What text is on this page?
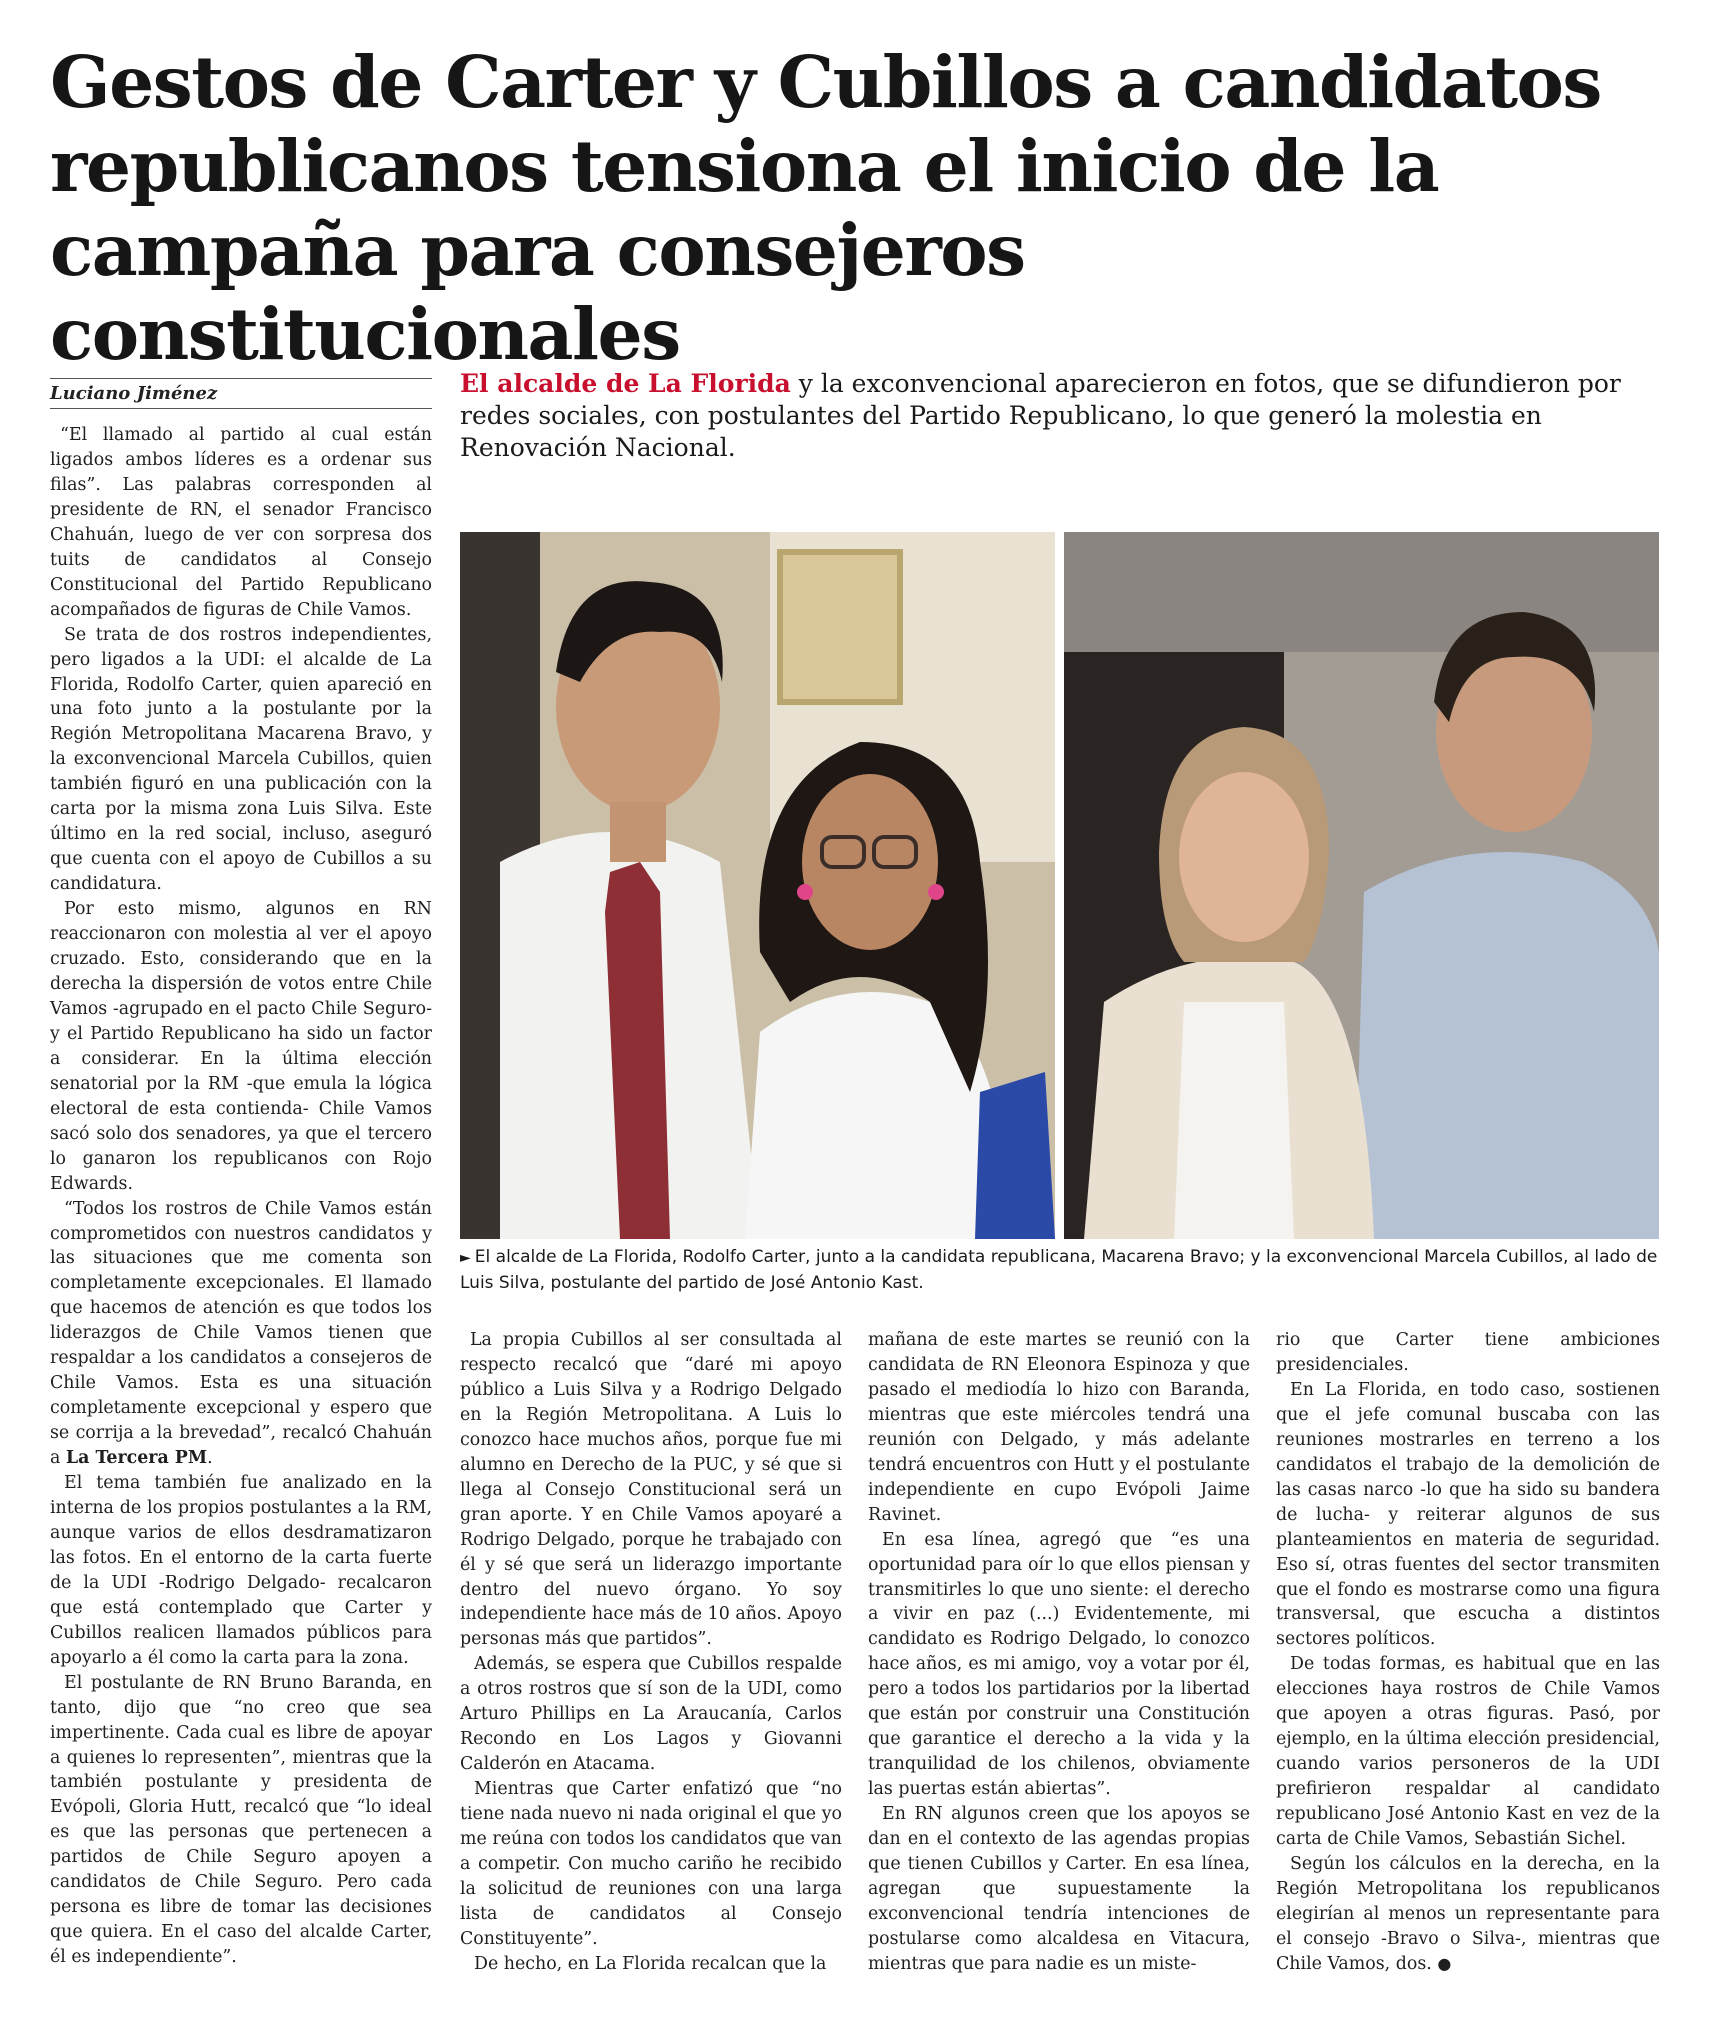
Gestos de Carter y Cubillos a candidatos republicanos tensiona el inicio de la campaña para consejeros constitucionales
Luciano Jiménez	El alcalde de La Florida y la exconvencional aparecieron en fotos, que se difundieron por redes sociales, con postulantes del Partido Republicano, lo que generó la molestia en Renovación Nacional.
► El alcalde de La Florida, Rodolfo Carter, junto a la candidata republicana, Macarena Bravo; y la exconvencional Marcela Cubillos, al lado de Luis Silva, postulante del partido de José Antonio Kast.

“El llamado al partido al cual están ligados ambos líderes es a ordenar sus filas”. Las palabras corresponden al presidente de RN, el senador Francisco Chahuán, luego de ver con sorpresa dos tuits de candidatos al Consejo Constitucional del Partido Republicano acompañados de figuras de Chile Vamos.

Se trata de dos rostros independientes, pero ligados a la UDI: el alcalde de La Florida, Rodolfo Carter, quien apareció en una foto junto a la postulante por la Región Metropolitana Macarena Bravo, y la exconvencional Marcela Cubillos, quien también figuró en una publicación con la carta por la misma zona Luis Silva. Este último en la red social, incluso, aseguró que cuenta con el apoyo de Cubillos a su candidatura.

Por esto mismo, algunos en RN reaccionaron con molestia al ver el apoyo cruzado. Esto, considerando que en la derecha la dispersión de votos entre Chile Vamos -agrupado en el pacto Chile Seguro- y el Partido Republicano ha sido un factor a considerar. En la última elección senatorial por la RM -que emula la lógica electoral de esta contienda- Chile Vamos sacó solo dos senadores, ya que el tercero lo ganaron los republicanos con Rojo Edwards.

“Todos los rostros de Chile Vamos están comprometidos con nuestros candidatos y las situaciones que me comenta son completamente excepcionales. El llamado que hacemos de atención es que todos los liderazgos de Chile Vamos tienen que respaldar a los candidatos a consejeros de Chile Vamos. Esta es una situación completamente excepcional y espero que se corrija a la brevedad”, recalcó Chahuán a La Tercera PM.

El tema también fue analizado en la interna de los propios postulantes a la RM, aunque varios de ellos desdramatizaron las fotos. En el entorno de la carta fuerte de la UDI -Rodrigo Delgado- recalcaron que está contemplado que Carter y Cubillos realicen llamados públicos para apoyarlo a él como la carta para la zona.

El postulante de RN Bruno Baranda, en tanto, dijo que “no creo que sea impertinente. Cada cual es libre de apoyar a quienes lo representen”, mientras que la también postulante y presidenta de Evópoli, Gloria Hutt, recalcó que “lo ideal es que las personas que pertenecen a partidos de Chile Seguro apoyen a candidatos de Chile Seguro. Pero cada persona es libre de tomar las decisiones que quiera. En el caso del alcalde Carter, él es independiente”.

La propia Cubillos al ser consultada al respecto recalcó que “daré mi apoyo público a Luis Silva y a Rodrigo Delgado en la Región Metropolitana. A Luis lo conozco hace muchos años, porque fue mi alumno en Derecho de la PUC, y sé que si llega al Consejo Constitucional será un gran aporte. Y en Chile Vamos apoyaré a Rodrigo Delgado, porque he trabajado con él y sé que será un liderazgo importante dentro del nuevo órgano. Yo soy independiente hace más de 10 años. Apoyo personas más que partidos”.

Además, se espera que Cubillos respalde a otros rostros que sí son de la UDI, como Arturo Phillips en La Araucanía, Carlos Recondo en Los Lagos y Giovanni Calderón en Atacama.

Mientras que Carter enfatizó que “no tiene nada nuevo ni nada original el que yo me reúna con todos los candidatos que van a competir. Con mucho cariño he recibido la solicitud de reuniones con una larga lista de candidatos al Consejo Constituyente”.

De hecho, en La Florida recalcan que la

mañana de este martes se reunió con la candidata de RN Eleonora Espinoza y que pasado el mediodía lo hizo con Baranda, mientras que este miércoles tendrá una reunión con Delgado, y más adelante tendrá encuentros con Hutt y el postulante independiente en cupo Evópoli Jaime Ravinet.

En esa línea, agregó que “es una oportunidad para oír lo que ellos piensan y transmitirles lo que uno siente: el derecho a vivir en paz (...) Evidentemente, mi candidato es Rodrigo Delgado, lo conozco hace años, es mi amigo, voy a votar por él, pero a todos los partidarios por la libertad que están por construir una Constitución que garantice el derecho a la vida y la tranquilidad de los chilenos, obviamente las puertas están abiertas”.

En RN algunos creen que los apoyos se dan en el contexto de las agendas propias que tienen Cubillos y Carter. En esa línea, agregan que supuestamente la exconvencional tendría intenciones de postularse como alcaldesa en Vitacura, mientras que para nadie es un miste-

rio que Carter tiene ambiciones presidenciales.

En La Florida, en todo caso, sostienen que el jefe comunal buscaba con las reuniones mostrarles en terreno a los candidatos el trabajo de la demolición de las casas narco -lo que ha sido su bandera de lucha- y reiterar algunos de sus planteamientos en materia de seguridad. Eso sí, otras fuentes del sector transmiten que el fondo es mostrarse como una figura transversal, que escucha a distintos sectores políticos.

De todas formas, es habitual que en las elecciones haya rostros de Chile Vamos que apoyen a otras figuras. Pasó, por ejemplo, en la última elección presidencial, cuando varios personeros de la UDI prefirieron respaldar al candidato republicano José Antonio Kast en vez de la carta de Chile Vamos, Sebastián Sichel.

Según los cálculos en la derecha, en la Región Metropolitana los republicanos elegirían al menos un representante para el consejo -Bravo o Silva-, mientras que Chile Vamos, dos. ●
